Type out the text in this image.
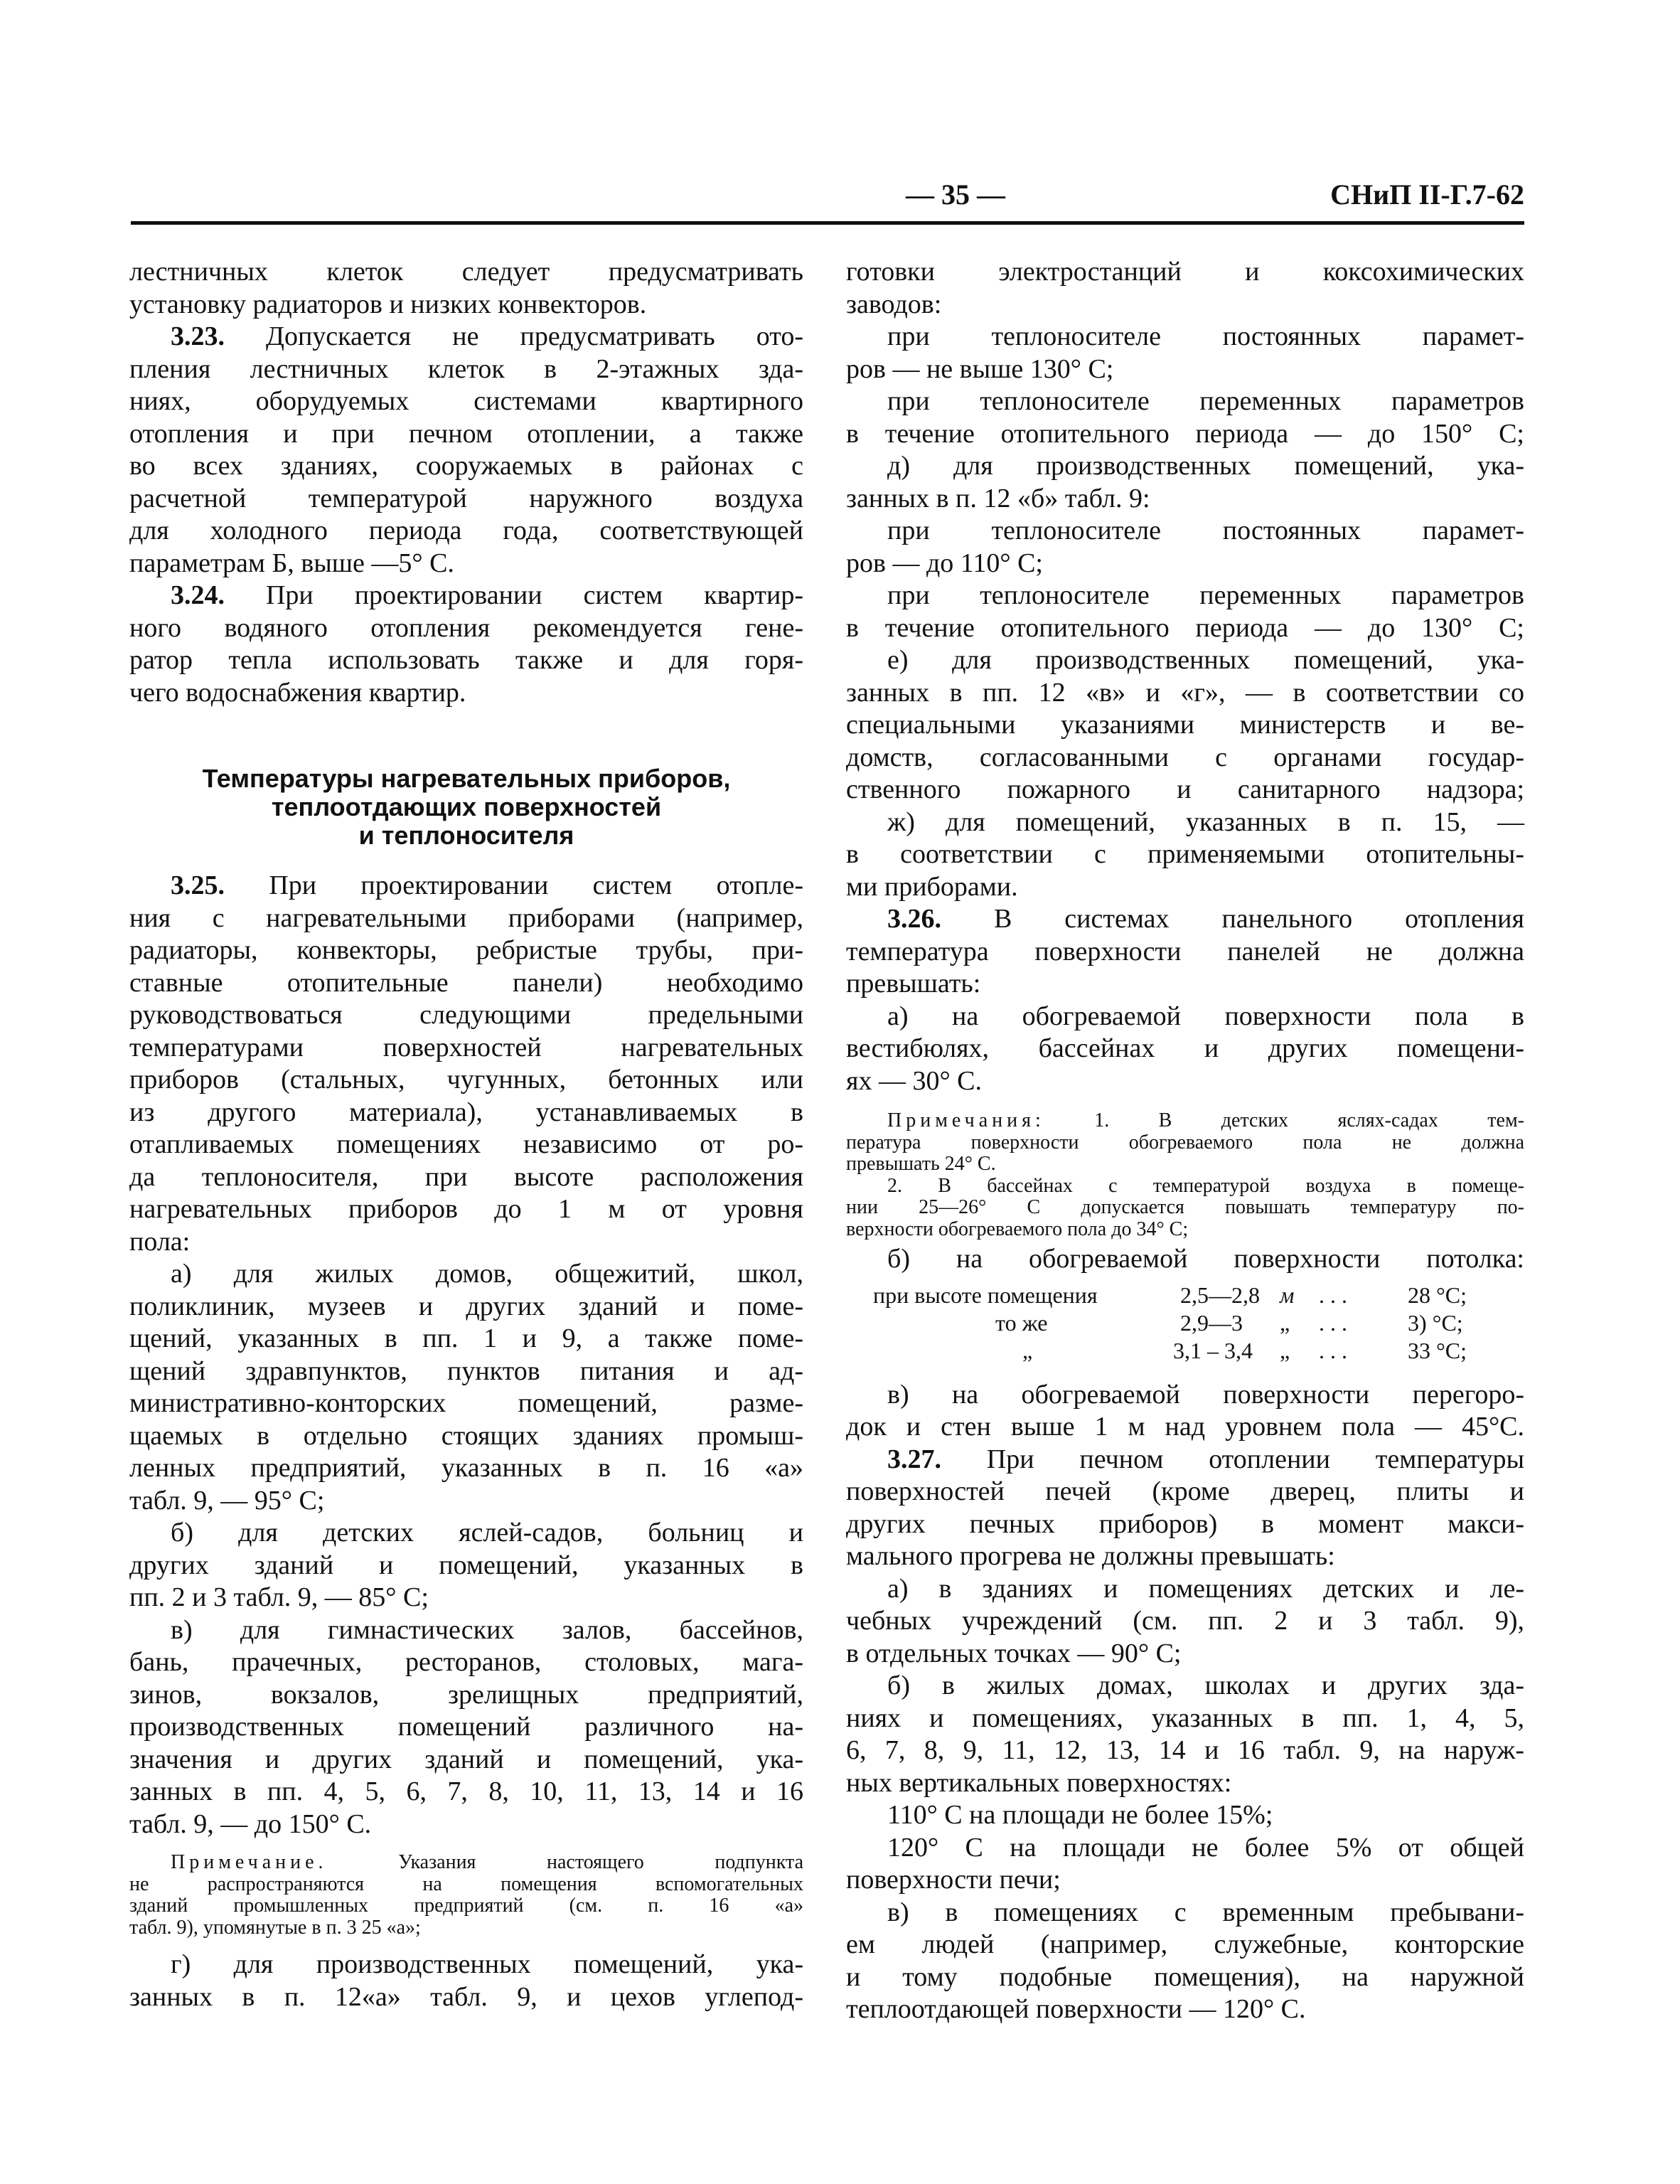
— 35 —	СНиП II-Г.7-62
лестничных клеток следует предусматривать
установку радиаторов и низких конвекторов.
3.23. Допускается не предусматривать ото-
пления лестничных клеток в 2-этажных зда-
ниях, оборудуемых системами квартирного
отопления и при печном отоплении, а также
во всех зданиях, сооружаемых в районах с
расчетной температурой наружного воздуха
для холодного периода года, соответствующей
параметрам Б, выше —5° С.
3.24. При проектировании систем квартир-
ного водяного отопления рекомендуется гене-
ратор тепла использовать также и для горя-
чего водоснабжения квартир.
Температуры нагревательных приборов,
теплоотдающих поверхностей
и теплоносителя
3.25. При проектировании систем отопле-
ния с нагревательными приборами (например,
радиаторы, конвекторы, ребристые трубы, при-
ставные отопительные панели) необходимо
руководствоваться следующими предельными
температурами поверхностей нагревательных
приборов (стальных, чугунных, бетонных или
из другого материала), устанавливаемых в
отапливаемых помещениях независимо от ро-
да теплоносителя, при высоте расположения
нагревательных приборов до 1 м от уровня
пола:
а) для жилых домов, общежитий, школ,
поликлиник, музеев и других зданий и поме-
щений, указанных в пп. 1 и 9, а также поме-
щений здравпунктов, пунктов питания и ад-
министративно-конторских помещений, разме-
щаемых в отдельно стоящих зданиях промыш-
ленных предприятий, указанных в п. 16 «а»
табл. 9, — 95° С;
б) для детских яслей-садов, больниц и
других зданий и помещений, указанных в
пп. 2 и 3 табл. 9, — 85° С;
в) для гимнастических залов, бассейнов,
бань, прачечных, ресторанов, столовых, мага-
зинов, вокзалов, зрелищных предприятий,
производственных помещений различного на-
значения и других зданий и помещений, ука-
занных в пп. 4, 5, 6, 7, 8, 10, 11, 13, 14 и 16
табл. 9, — до 150° С.
Примечание.	Указания настоящего подпункта
не распространяются на помещения вспомогательных
зданий промышленных предприятий (см. п. 16 «а»
табл. 9), упомянутые в п. 3 25 «а»;
г) для производственных помещений, ука-
занных в п. 12«а» табл. 9, и цехов углепод-
готовки электростанций и коксохимических
заводов:
при теплоносителе постоянных парамет-
ров — не выше 130° С;
при теплоносителе переменных параметров
в течение отопительного периода — до 150° С;
д) для производственных помещений, ука-
занных в п. 12 «б» табл. 9:
при теплоносителе постоянных парамет-
ров — до 110° С;
при теплоносителе переменных параметров
в течение отопительного периода — до 130° С;
е) для производственных помещений, ука-
занных в пп. 12 «в» и «г», — в соответствии со
специальными указаниями министерств и ве-
домств, согласованными с органами государ-
ственного пожарного и санитарного надзора;
ж) для помещений, указанных в п. 15, —
в соответствии с применяемыми отопительны-
ми приборами.
3.26. В системах панельного отопления
температура поверхности панелей не должна
превышать:
а) на обогреваемой поверхности пола в
вестибюлях, бассейнах и других помещени-
ях — 30° С.
Примечания: 1. В детских яслях-садах тем-
пература поверхности обогреваемого пола не должна
превышать 24° С.
2. В бассейнах с температурой воздуха в помеще-
нии 25—26° С допускается повышать температуру по-
верхности обогреваемого пола до 34° С;
б) на обогреваемой поверхности потолка:
при высоте помещения	2,5—2,8 м . . .	28 °С;
то же	2,9—3 „ . . .	3) °С;
„	3,1 – 3,4 „ . . .	33 °С;
в) на обогреваемой поверхности перегоро-
док и стен выше 1 м над уровнем пола — 45°С.
3.27. При печном отоплении температуры
поверхностей печей (кроме дверец, плиты и
других печных приборов) в момент макси-
мального прогрева не должны превышать:
а) в зданиях и помещениях детских и ле-
чебных учреждений (см. пп. 2 и 3 табл. 9),
в отдельных точках — 90° С;
б) в жилых домах, школах и других зда-
ниях и помещениях, указанных в пп. 1, 4, 5,
6, 7, 8, 9, 11, 12, 13, 14 и 16 табл. 9, на наруж-
ных вертикальных поверхностях:
110° С на площади не более 15%;
120° С на площади не более 5% от общей
поверхности печи;
в) в помещениях с временным пребывани-
ем людей (например, служебные, конторские
и тому подобные помещения), на наружной
теплоотдающей поверхности — 120° С.
